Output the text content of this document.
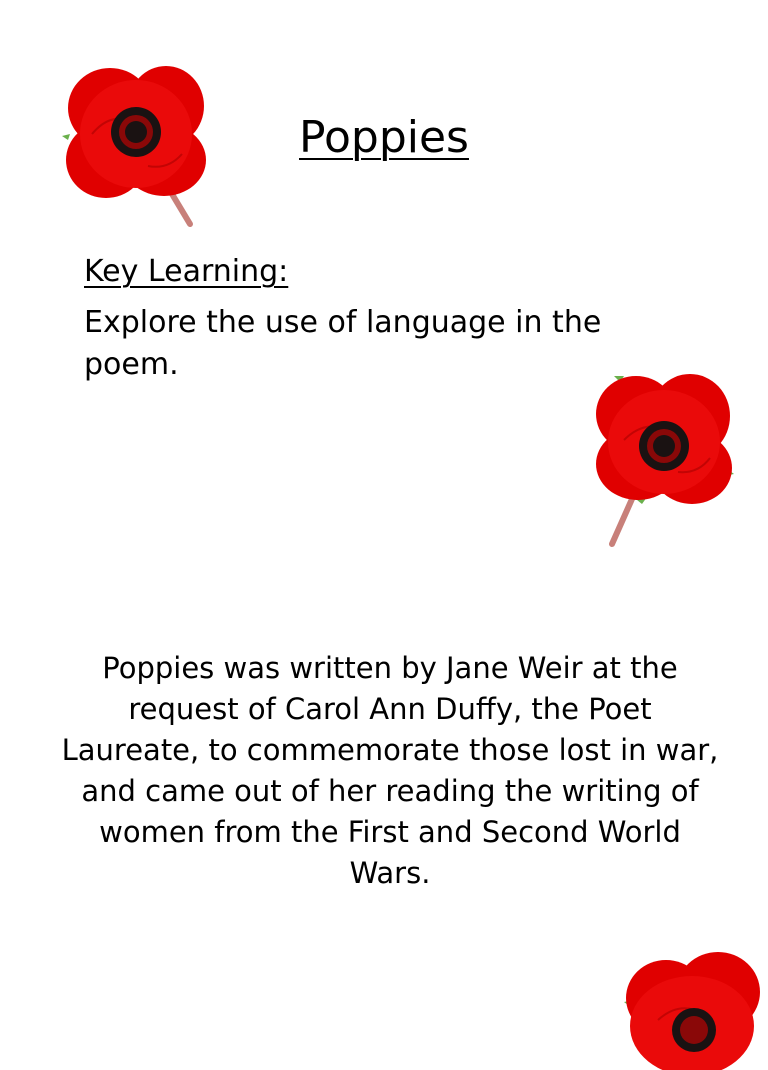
Poppies
Key Learning:

Explore the use of language in the poem.

Poppies was written by Jane Weir at the request of Carol Ann Duffy, the Poet Laureate, to commemorate those lost in war, and came out of her reading the writing of women from the First and Second World Wars.
